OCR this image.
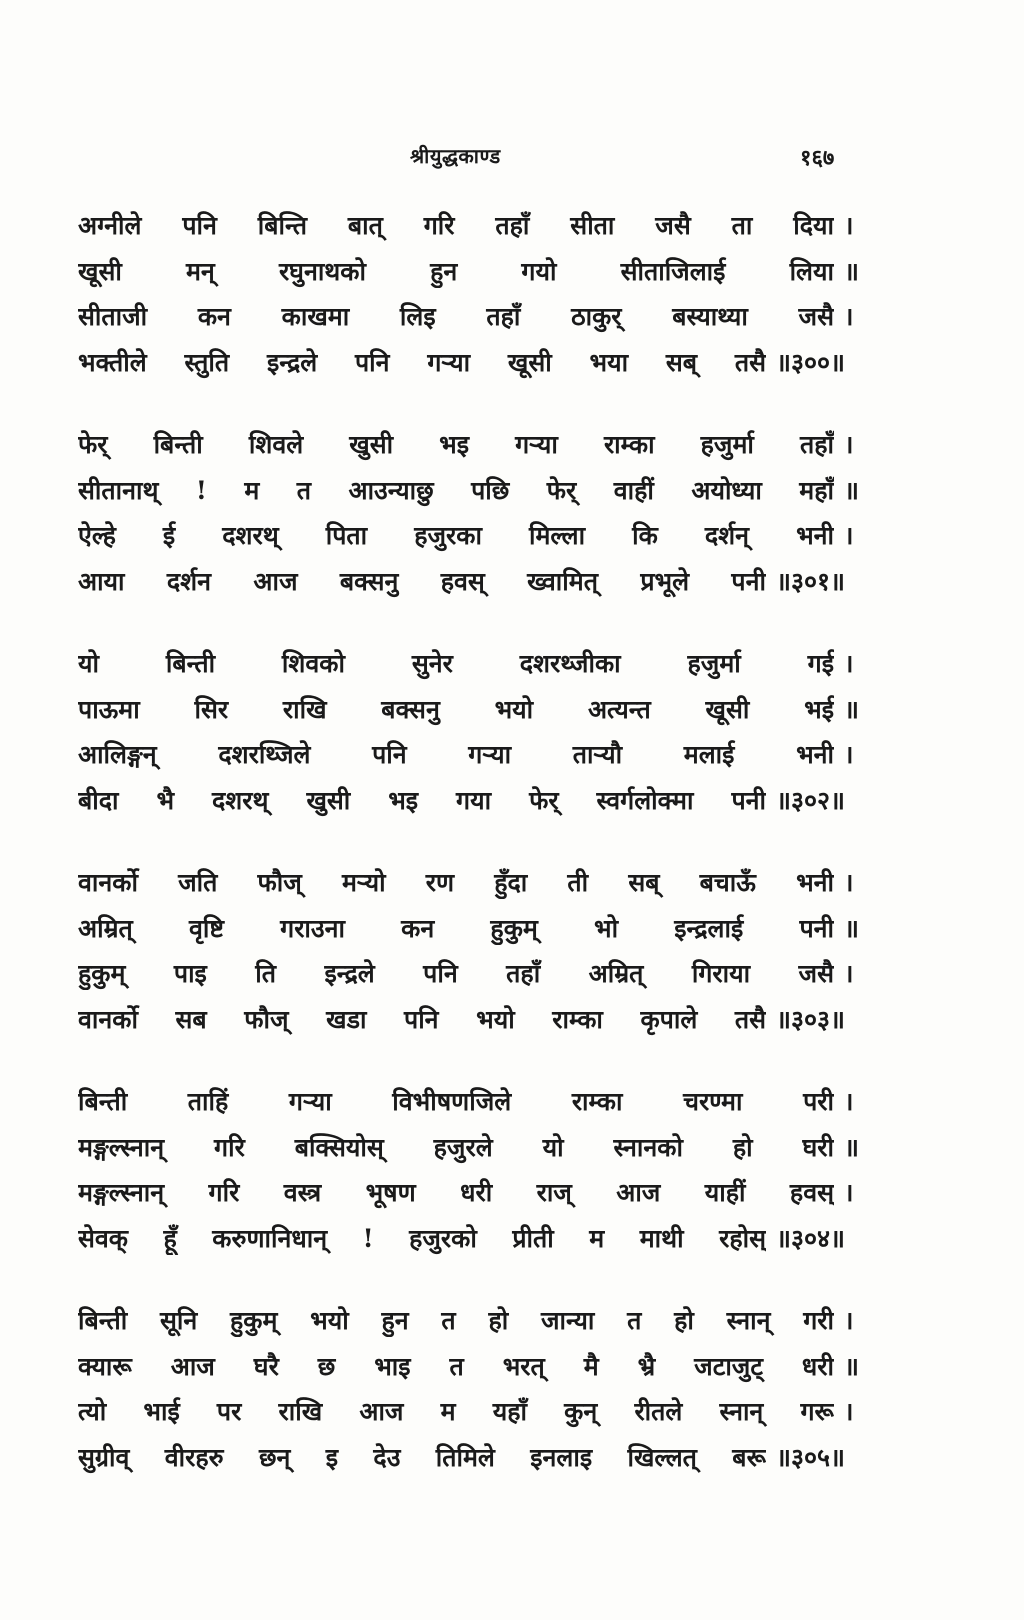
श्रीयुद्धकाण्ड	१६७
अग्नीले पनि बिन्ति बात् गरि तहाँ सीता जसै ता दिया ।
खूसी मन् रघुनाथको हुन गयो सीताजिलाई लिया ॥
सीताजी कन काखमा लिइ तहाँ ठाकुर् बस्याथ्या जसै ।
भक्तीले स्तुति इन्द्रले पनि गऱ्या खूसी भया सब् तसै ॥३००॥
फेर् बिन्ती शिवले खुसी भइ गऱ्या राम्का हजुर्मा तहाँ ।
सीतानाथ् ! म त आउन्याछु पछि फेर् वाहीं अयोध्या महाँ ॥
ऐल्हे ई दशरथ् पिता हजुरका मिल्ला कि दर्शन् भनी ।
आया दर्शन आज बक्सनु हवस् ख्वामित् प्रभूले पनी ॥३०१॥
यो बिन्ती शिवको सुनेर दशरथ्जीका हजुर्मा गई ।
पाऊमा सिर राखि बक्सनु भयो अत्यन्त खूसी भई ॥
आलिङ्गन् दशरथ्जिले पनि गऱ्या ताऱ्यौ मलाई भनी ।
बीदा भै दशरथ् खुसी भइ गया फेर् स्वर्गलोक्मा पनी ॥३०२॥
वानर्को जति फौज् मऱ्यो रण हुँदा ती सब् बचाऊँ भनी ।
अम्रित् वृष्टि गराउना कन हुकुम् भो इन्द्रलाई पनी ॥
हुकुम् पाइ ति इन्द्रले पनि तहाँ अम्रित् गिराया जसै ।
वानर्को सब फौज् खडा पनि भयो राम्का कृपाले तसै ॥३०३॥
बिन्ती ताहिं गऱ्या विभीषणजिले राम्का चरण्मा परी ।
मङ्गल्स्नान् गरि बक्सियोस् हजुरले यो स्नानको हो घरी ॥
मङ्गल्स्नान् गरि वस्त्र भूषण धरी राज् आज याहीं हवस् ।
सेवक् हूँ करुणानिधान् ! हजुरको प्रीती म माथी रहोस् ॥३०४॥
बिन्ती सूनि हुकुम् भयो हुन त हो जान्या त हो स्नान् गरी ।
क्यारू आज घरै छ भाइ त भरत् मै भ्रै जटाजुट् धरी ॥
त्यो भाई पर राखि आज म यहाँ कुन् रीतले स्नान् गरू ।
सुग्रीव् वीरहरु छन् इ देउ तिमिले इनलाइ खिल्लत् बरू ॥३०५॥
